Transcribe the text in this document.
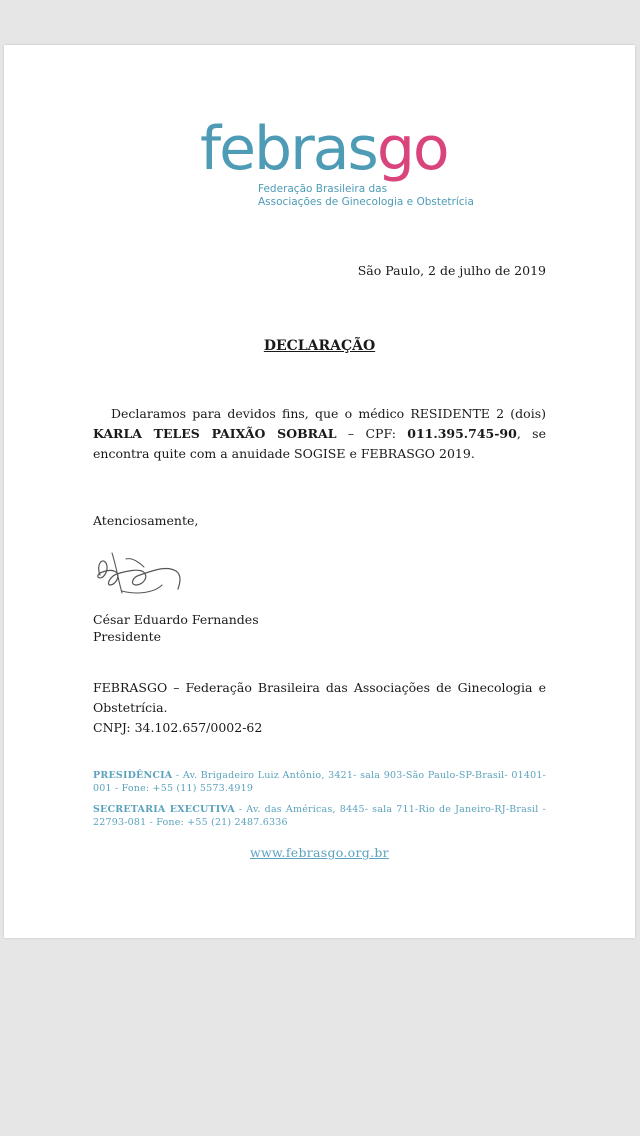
febrasgo
Federação Brasileira das
Associações de Ginecologia e Obstetrícia
São Paulo, 2 de julho de 2019
DECLARAÇÃO
Declaramos para devidos fins, que o médico RESIDENTE 2 (dois) KARLA TELES PAIXÃO SOBRAL – CPF: 011.395.745-90, se encontra quite com a anuidade SOGISE e FEBRASGO 2019.
Atenciosamente,
César Eduardo Fernandes
Presidente
FEBRASGO – Federação Brasileira das Associações de Ginecologia e Obstetrícia.
CNPJ: 34.102.657/0002-62
PRESIDÊNCIA - Av. Brigadeiro Luiz Antônio, 3421- sala 903-São Paulo-SP-Brasil- 01401-001 - Fone: +55 (11) 5573.4919
SECRETARIA EXECUTIVA - Av. das Américas, 8445- sala 711-Rio de Janeiro-RJ-Brasil - 22793-081 - Fone: +55 (21) 2487.6336
www.febrasgo.org.br
